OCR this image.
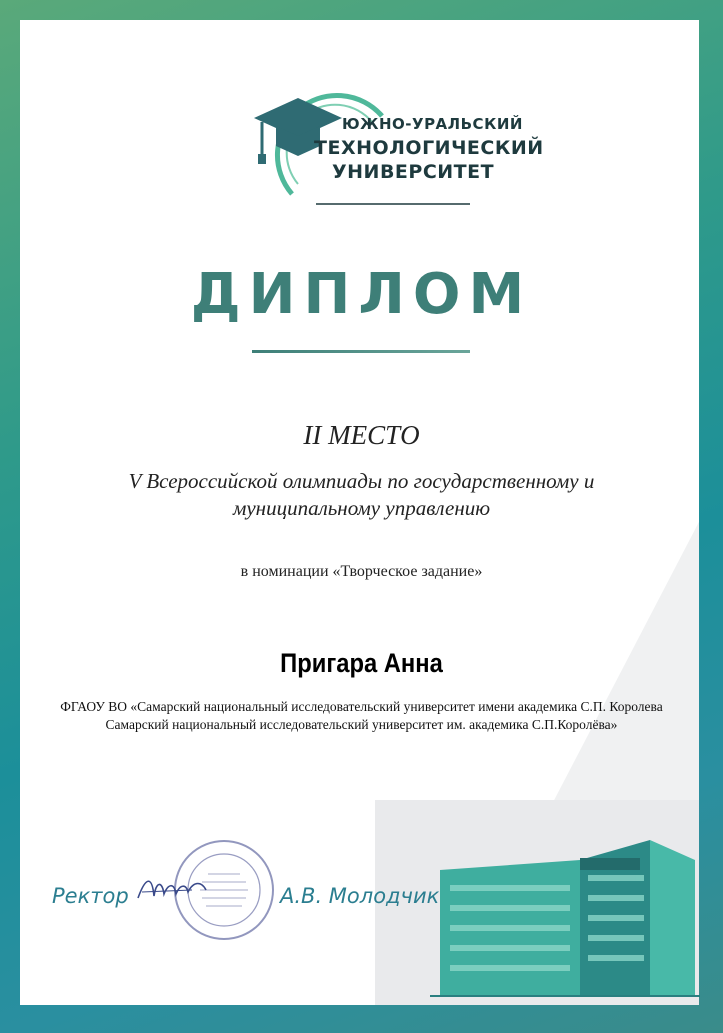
ЮЖНО-УРАЛЬСКИЙ
ТЕХНОЛОГИЧЕСКИЙ
УНИВЕРСИТЕТ
ДИПЛОМ
II МЕСТО
V Всероссийской олимпиады по государственному и муниципальному управлению
в номинации «Творческое задание»
Пригара Анна
ФГАОУ ВО «Самарский национальный исследовательский университет имени академика С.П. Королева
Самарский национальный исследовательский университет им. академика С.П.Королёва»
Ректор	А.В. Молодчик
